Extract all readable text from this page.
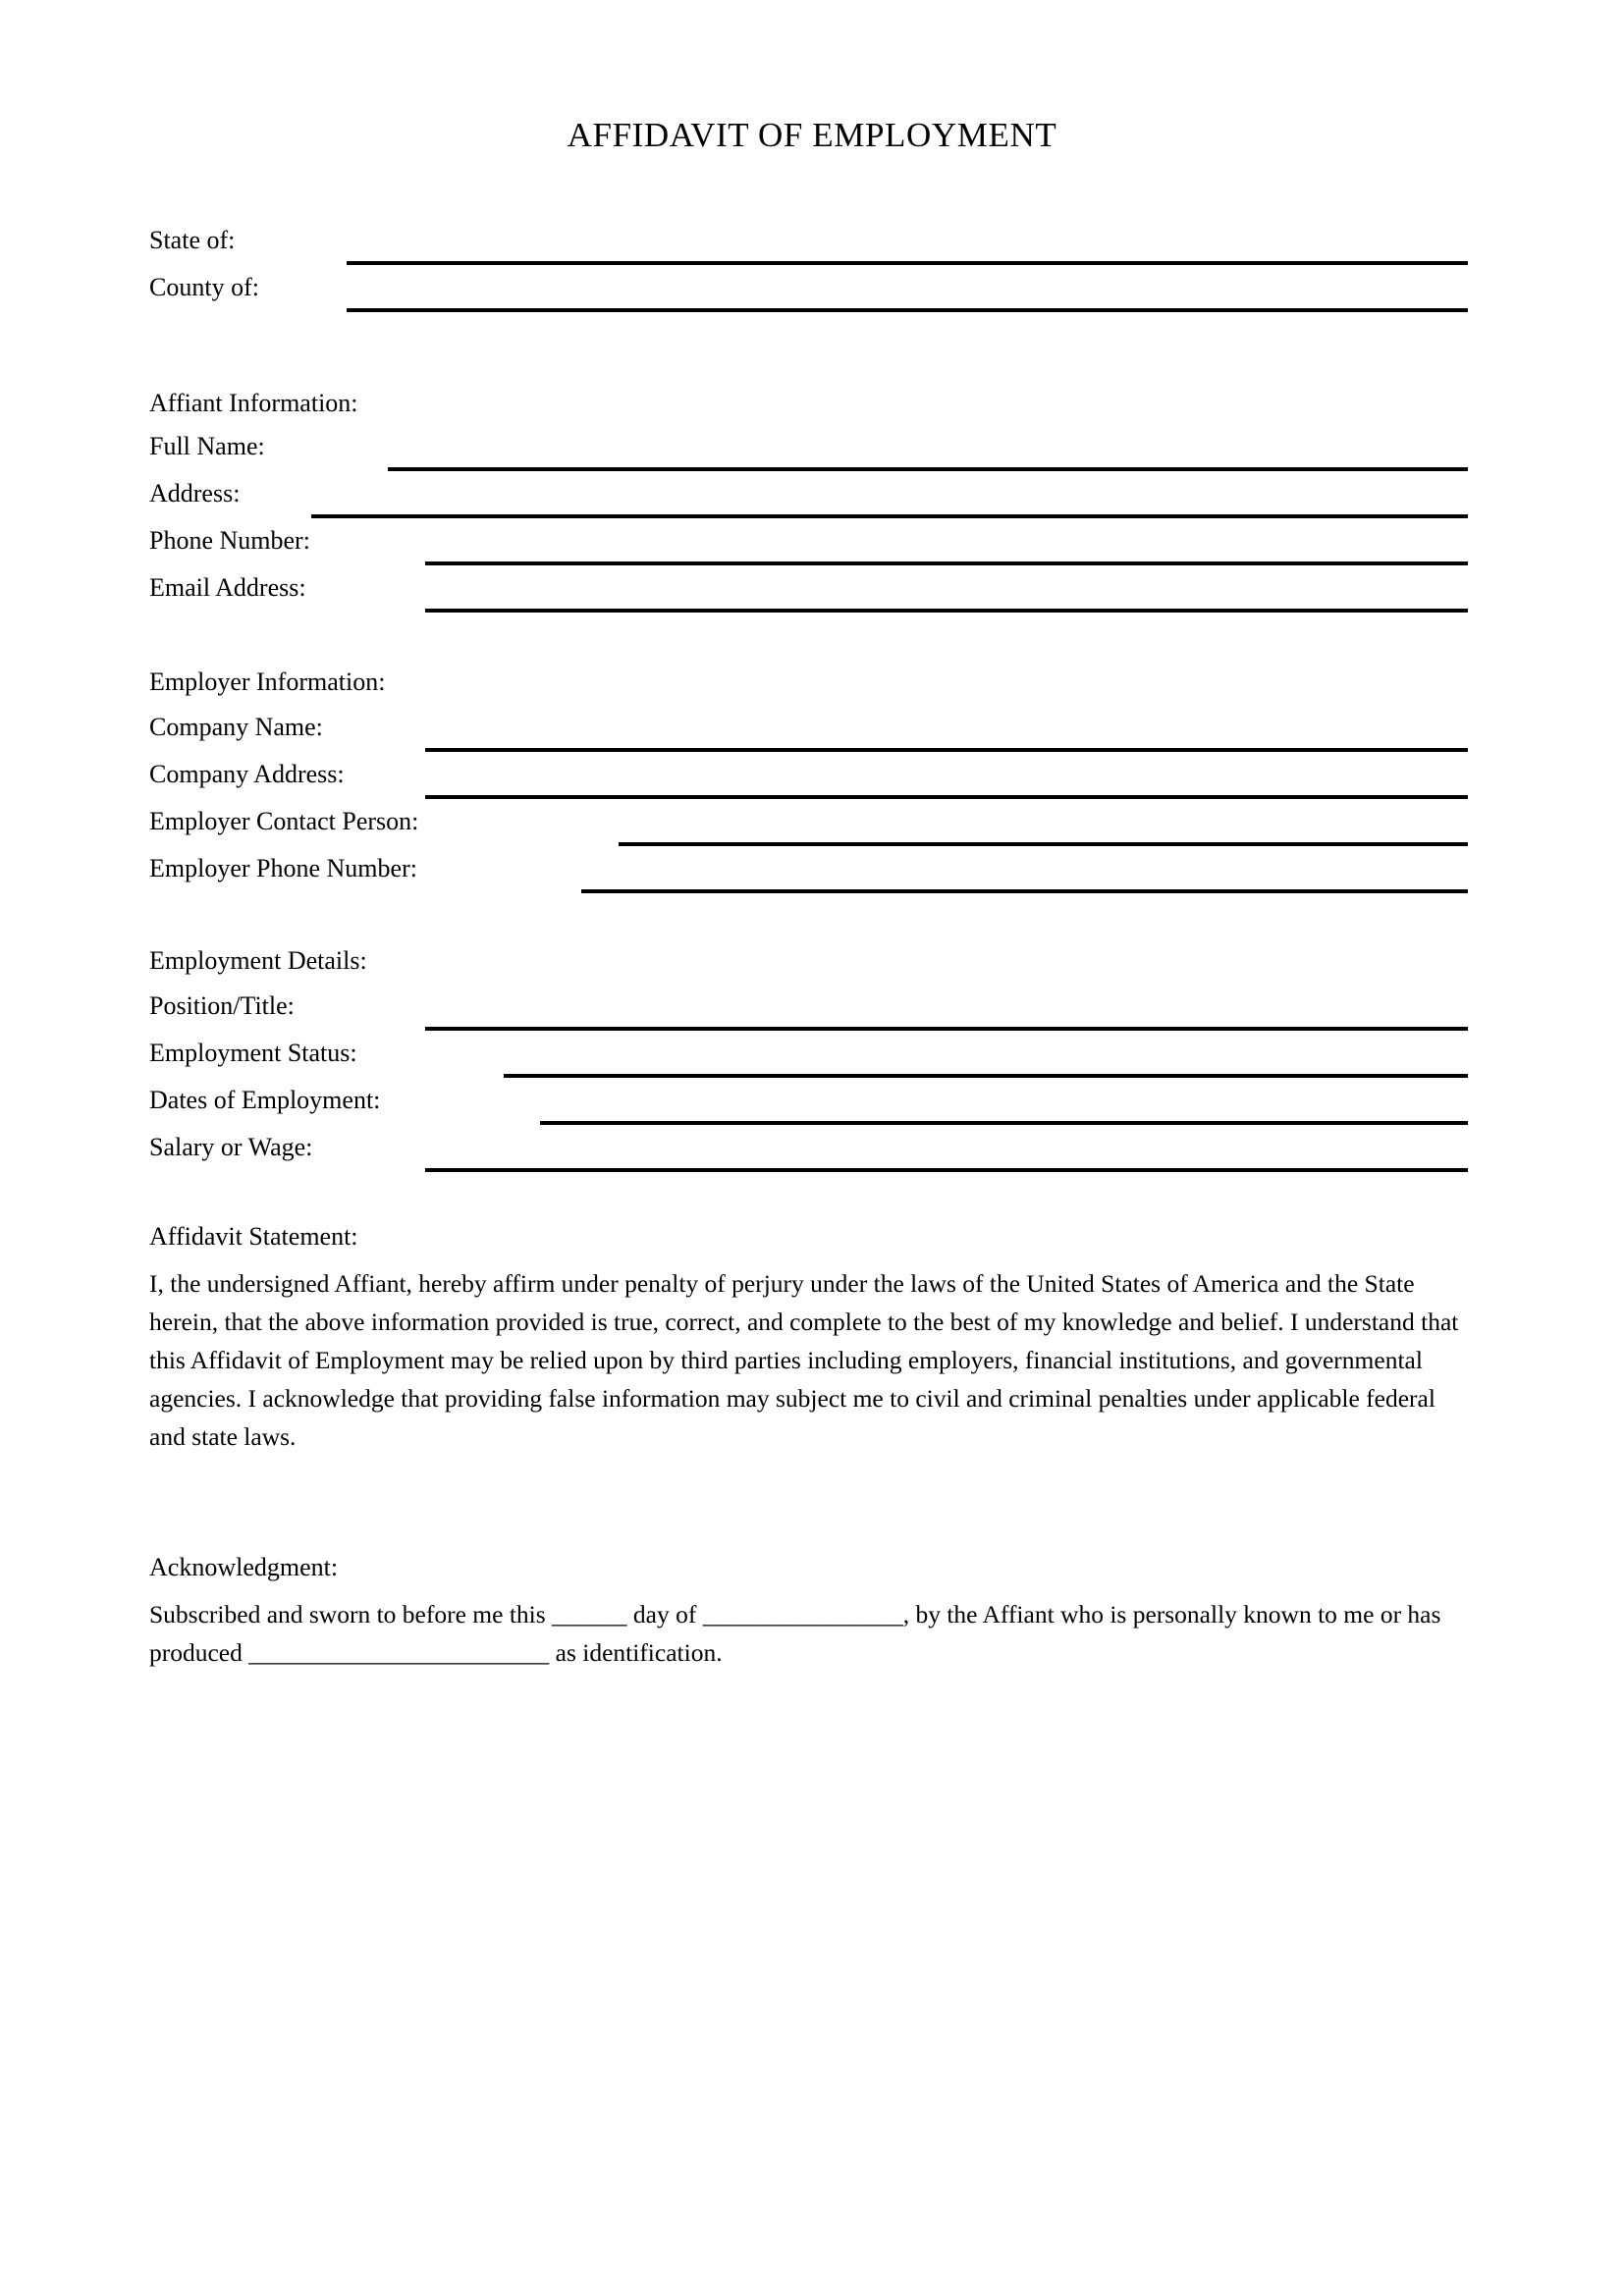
AFFIDAVIT OF EMPLOYMENT
State of:
County of:
Affiant Information:
Full Name:
Address:
Phone Number:
Email Address:
Employer Information:
Company Name:
Company Address:
Employer Contact Person:
Employer Phone Number:
Employment Details:
Position/Title:
Employment Status:
Dates of Employment:
Salary or Wage:
Affidavit Statement:

I, the undersigned Affiant, hereby affirm under penalty of perjury under the laws of the United States of America and the State herein, that the above information provided is true, correct, and complete to the best of my knowledge and belief. I understand that this Affidavit of Employment may be relied upon by third parties including employers, financial institutions, and governmental agencies. I acknowledge that providing false information may subject me to civil and criminal penalties under applicable federal and state laws.

Acknowledgment:

Subscribed and sworn to before me this ______ day of ________________, by the Affiant who is personally known to me or has produced ________________________ as identification.
